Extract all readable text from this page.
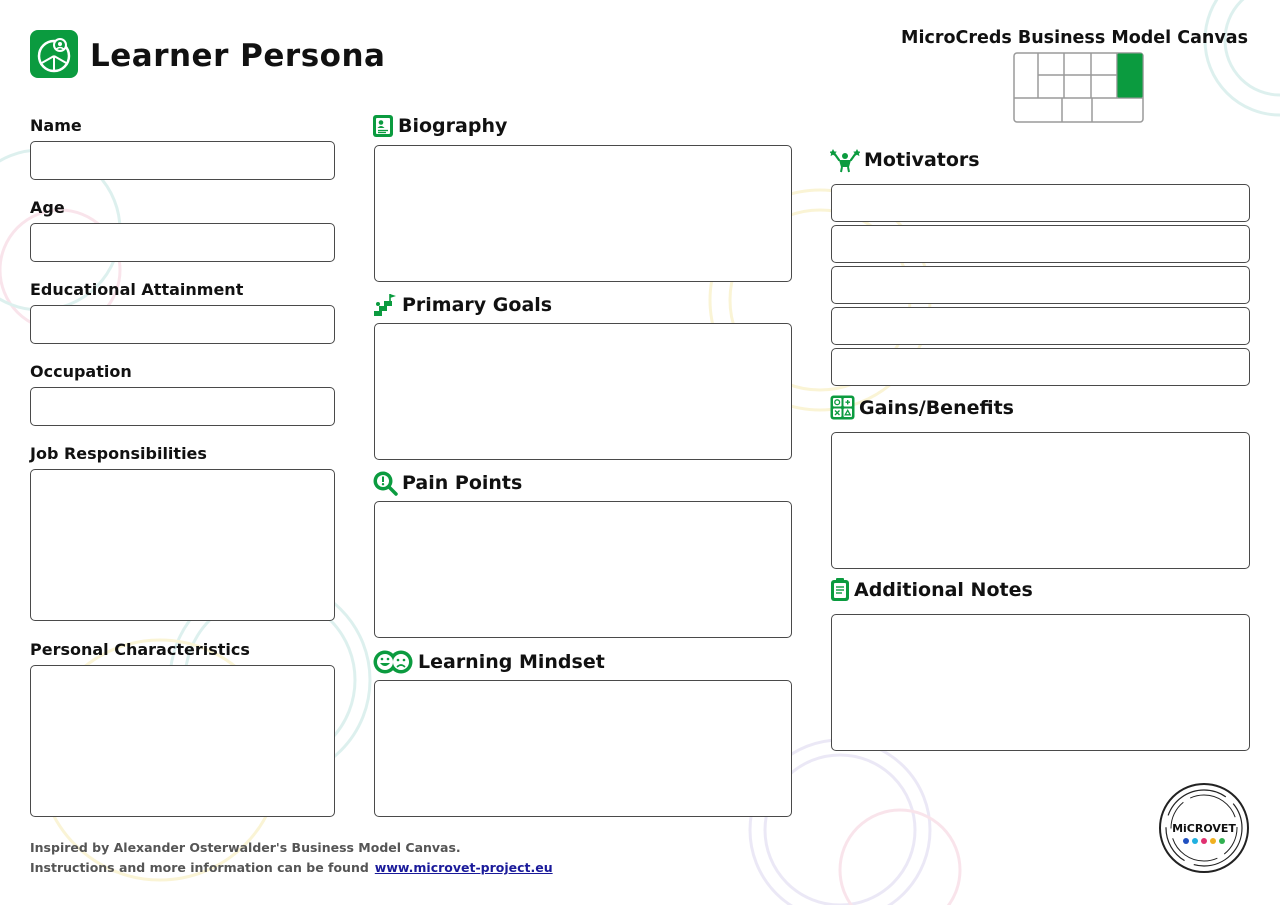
Learner Persona	MicroCreds Business Model Canvas
Name
Age
Educational Attainment
Occupation
Job Responsibilities
Personal Characteristics
Biography
Primary Goals
Pain Points
Learning Mindset
Motivators
Gains/Benefits
Additional Notes
Inspired by Alexander Osterwalder's Business Model Canvas.
Instructions and more information can be found www.microvet-project.eu
MiCROVET
